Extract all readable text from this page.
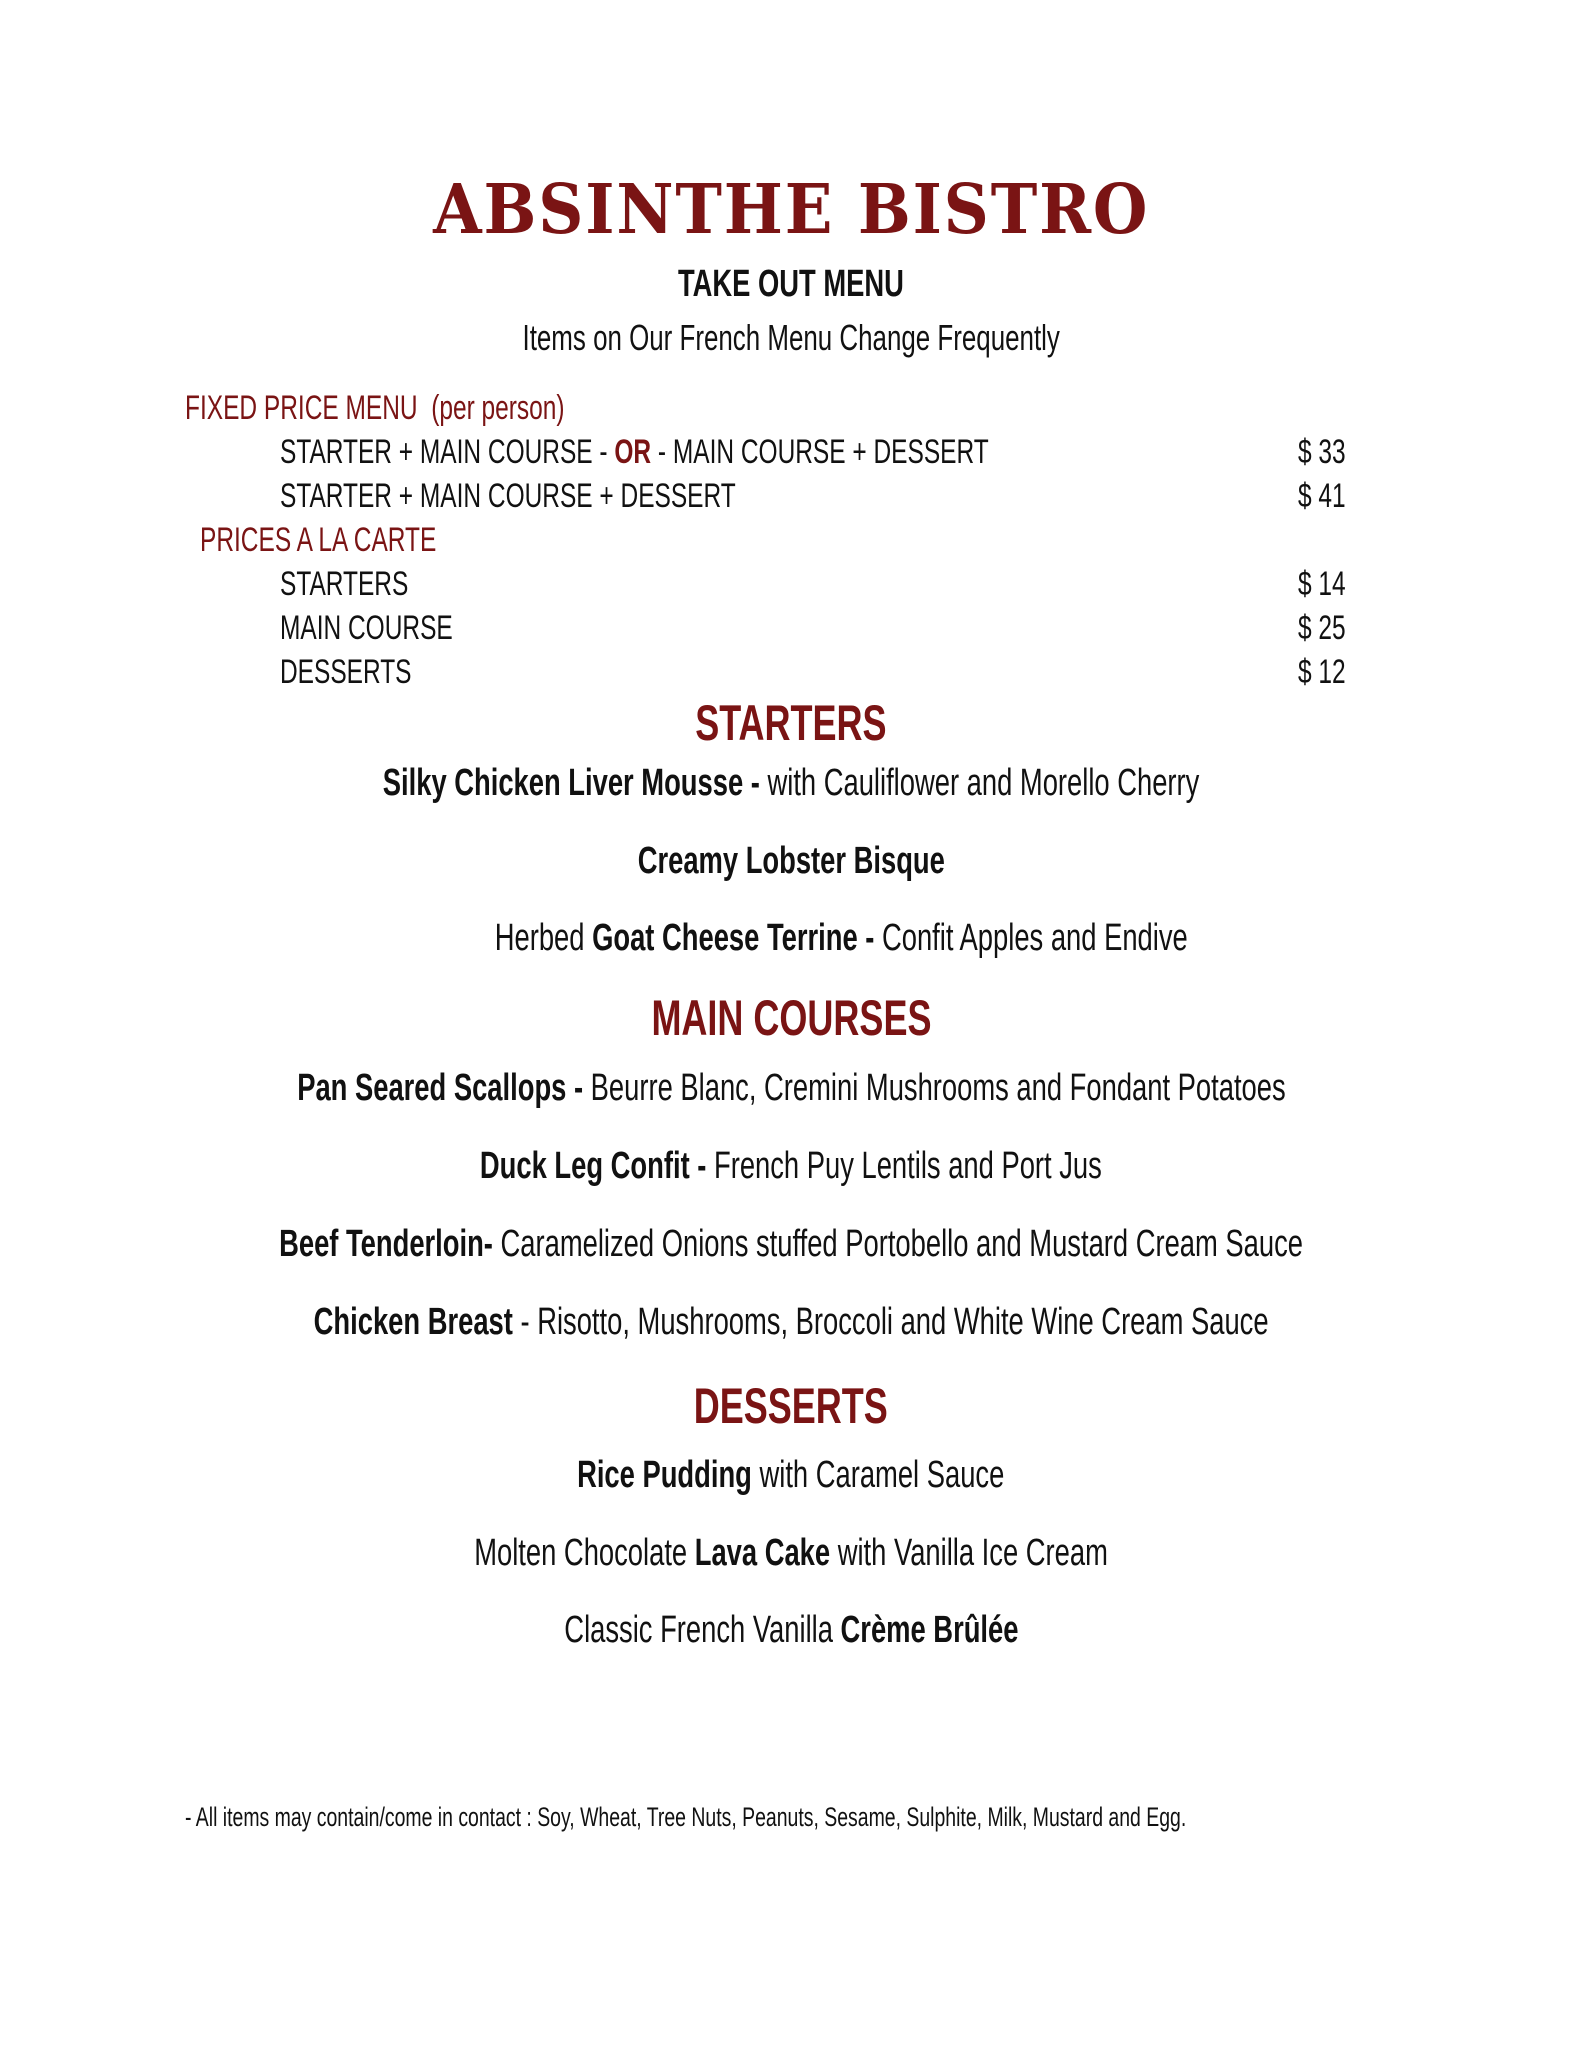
ABSINTHE BISTRO
TAKE OUT MENU
Items on Our French Menu Change Frequently
FIXED PRICE MENU (per person)
STARTER + MAIN COURSE - OR - MAIN COURSE + DESSERT	$ 33
STARTER + MAIN COURSE + DESSERT	$ 41
PRICES A LA CARTE
STARTERS	$ 14
MAIN COURSE	$ 25
DESSERTS	$ 12
STARTERS
Silky Chicken Liver Mousse - with Cauliflower and Morello Cherry
Creamy Lobster Bisque
Herbed Goat Cheese Terrine - Confit Apples and Endive
MAIN COURSES
Pan Seared Scallops - Beurre Blanc, Cremini Mushrooms and Fondant Potatoes
Duck Leg Confit - French Puy Lentils and Port Jus
Beef Tenderloin- Caramelized Onions stuffed Portobello and Mustard Cream Sauce
Chicken Breast - Risotto, Mushrooms, Broccoli and White Wine Cream Sauce
DESSERTS
Rice Pudding with Caramel Sauce
Molten Chocolate Lava Cake with Vanilla Ice Cream
Classic French Vanilla Crème Brûlée
- All items may contain/come in contact : Soy, Wheat, Tree Nuts, Peanuts, Sesame, Sulphite, Milk, Mustard and Egg.
